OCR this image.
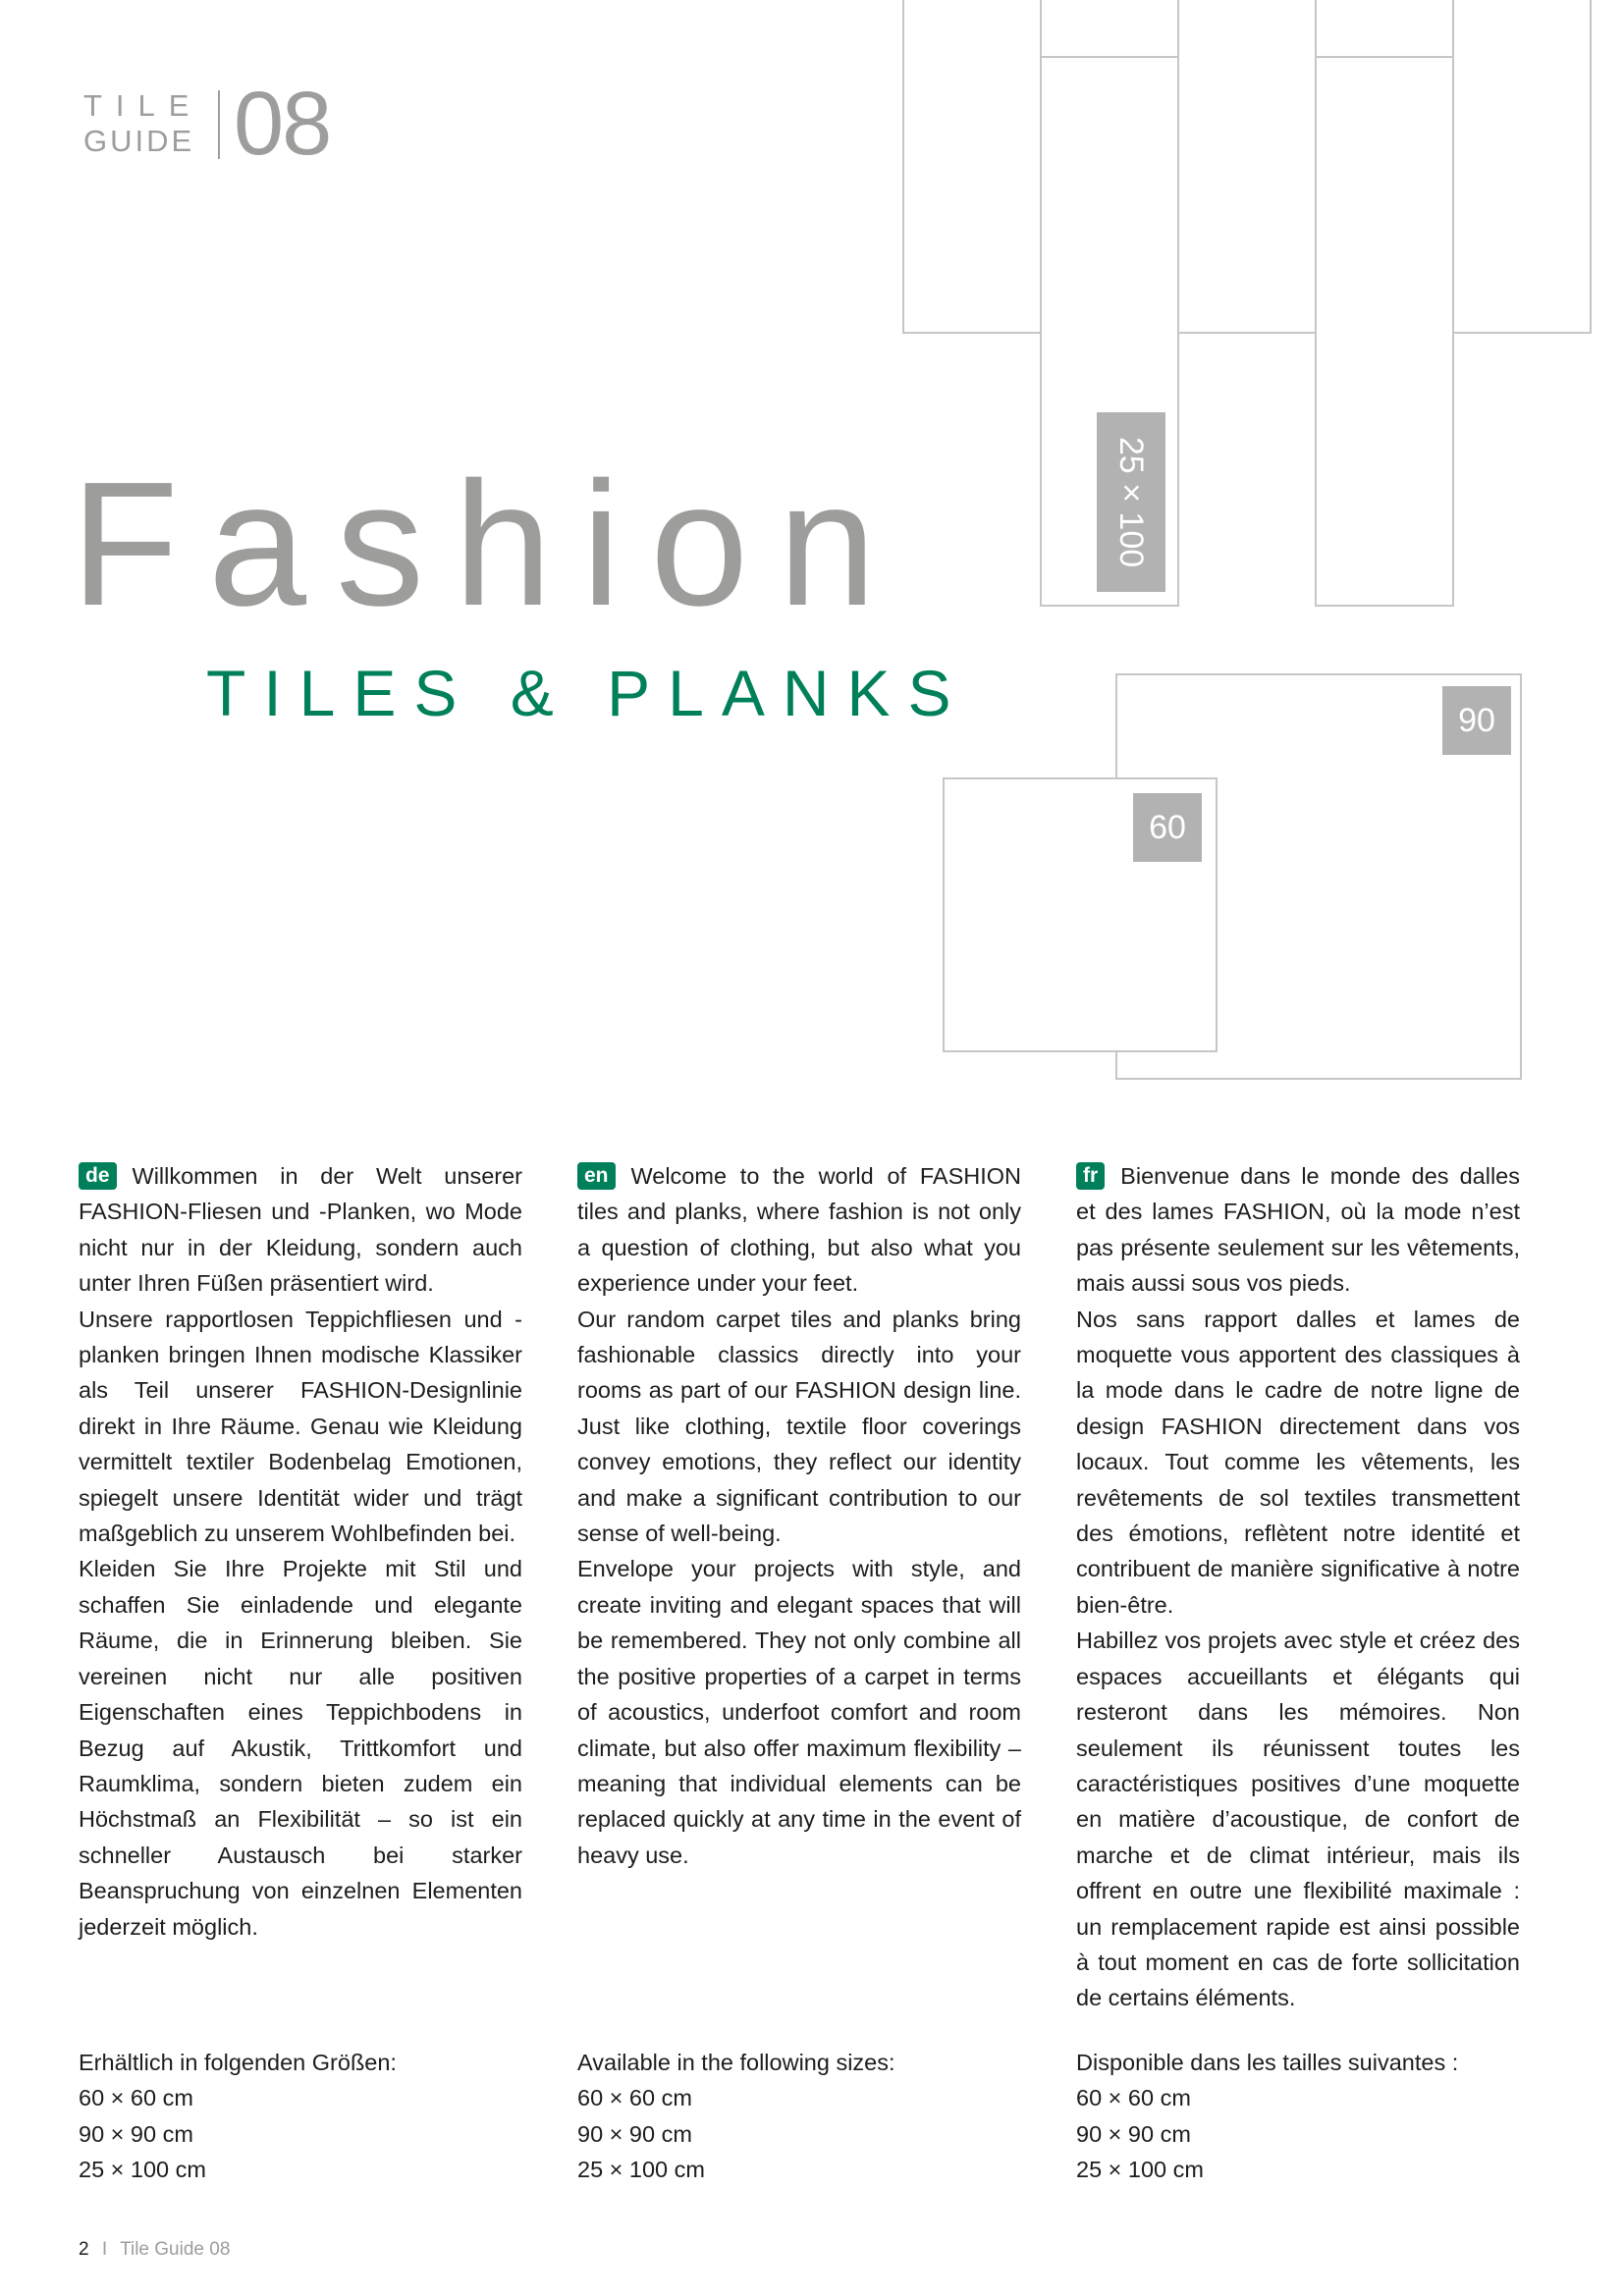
TILE
GUIDE 08
25 × 100
90
60
Fashion
TILES & PLANKS

de Willkommen in der Welt unserer FASHION-Fliesen und -Planken, wo Mode nicht nur in der Kleidung, sondern auch unter Ihren Füßen präsentiert wird.

Unsere rapportlosen Teppichfliesen und -planken bringen Ihnen modische Klassiker als Teil unserer FASHION-Designlinie direkt in Ihre Räume. Genau wie Kleidung vermittelt textiler Bodenbelag Emotionen, spiegelt unsere Identität wider und trägt maßgeblich zu unserem Wohlbefinden bei.

Kleiden Sie Ihre Projekte mit Stil und schaffen Sie einladende und elegante Räume, die in Erinnerung bleiben. Sie vereinen nicht nur alle positiven Eigenschaften eines Teppichbodens in Bezug auf Akustik, Trittkomfort und Raumklima, sondern bieten zudem ein Höchstmaß an Flexibilität – so ist ein schneller Austausch bei starker Beanspruchung von einzelnen Elementen jederzeit möglich.

Erhältlich in folgenden Größen:
60 × 60 cm
90 × 90 cm
25 × 100 cm

en Welcome to the world of FASHION tiles and planks, where fashion is not only a question of clothing, but also what you experience under your feet.

Our random carpet tiles and planks bring fashionable classics directly into your rooms as part of our FASHION design line. Just like clothing, textile floor coverings convey emotions, they reflect our identity and make a significant contribution to our sense of well-being.

Envelope your projects with style, and create inviting and elegant spaces that will be remembered. They not only combine all the positive properties of a carpet in terms of acoustics, underfoot comfort and room climate, but also offer maximum flexibility – meaning that individual elements can be replaced quickly at any time in the event of heavy use.

Available in the following sizes:
60 × 60 cm
90 × 90 cm
25 × 100 cm

fr Bienvenue dans le monde des dalles et des lames FASHION, où la mode n’est pas présente seulement sur les vêtements, mais aussi sous vos pieds.

Nos sans rapport dalles et lames de moquette vous apportent des classiques à la mode dans le cadre de notre ligne de design FASHION directement dans vos locaux. Tout comme les vêtements, les revêtements de sol textiles transmettent des émotions, reflètent notre identité et contribuent de manière significative à notre bien-être.

Habillez vos projets avec style et créez des espaces accueillants et élégants qui resteront dans les mémoires. Non seulement ils réunissent toutes les caractéristiques positives d’une moquette en matière d’acoustique, de confort de marche et de climat intérieur, mais ils offrent en outre une flexibilité maximale : un remplacement rapide est ainsi possible à tout moment en cas de forte sollicitation de certains éléments.

Disponible dans les tailles suivantes :
60 × 60 cm
90 × 90 cm
25 × 100 cm
2 I Tile Guide 08
